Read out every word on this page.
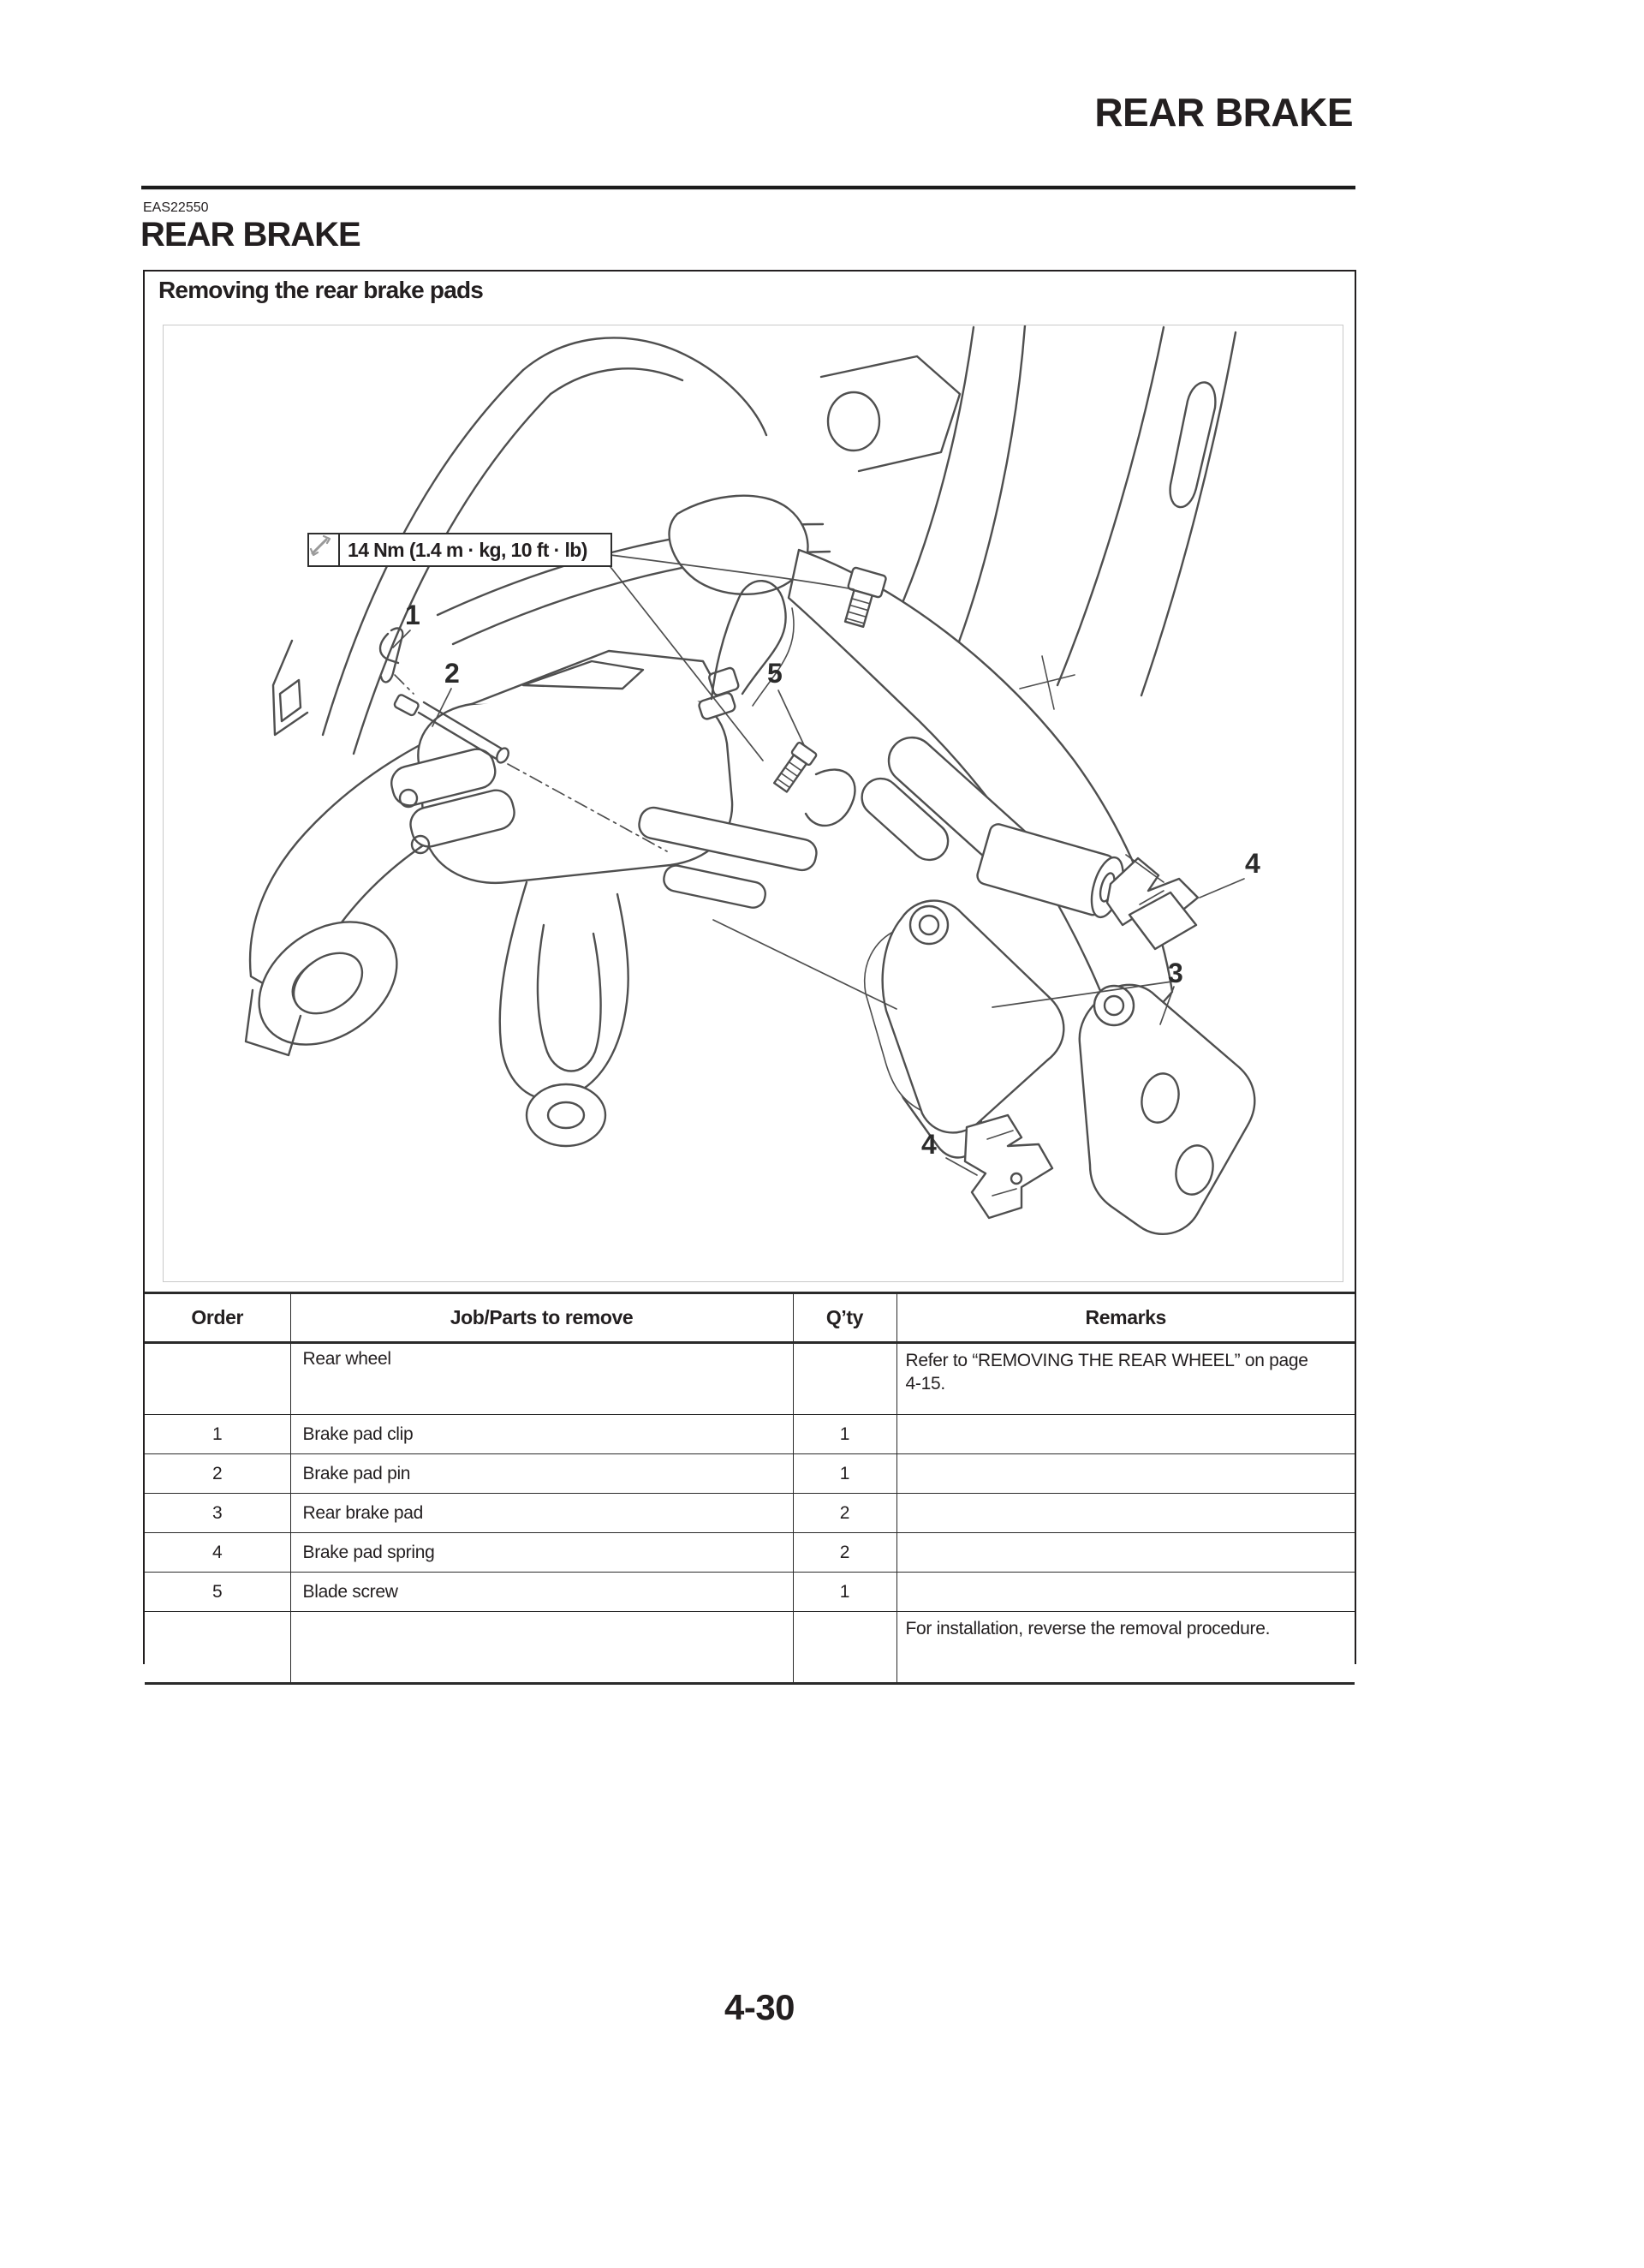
REAR BRAKE
EAS22550
REAR BRAKE
Removing the rear brake pads
14 Nm (1.4 m · kg, 10 ft · lb)
1
2	5
4
3
4
Order	Job/Parts to remove	Q’ty	Remarks
	Rear wheel		Refer to “REMOVING THE REAR WHEEL” on page 4-15.

1	Brake pad clip	1	

2	Brake pad pin	1	

3	Rear brake pad	2	

4	Brake pad spring	2	

5	Blade screw	1	

			For installation, reverse the removal procedure.
4-30
